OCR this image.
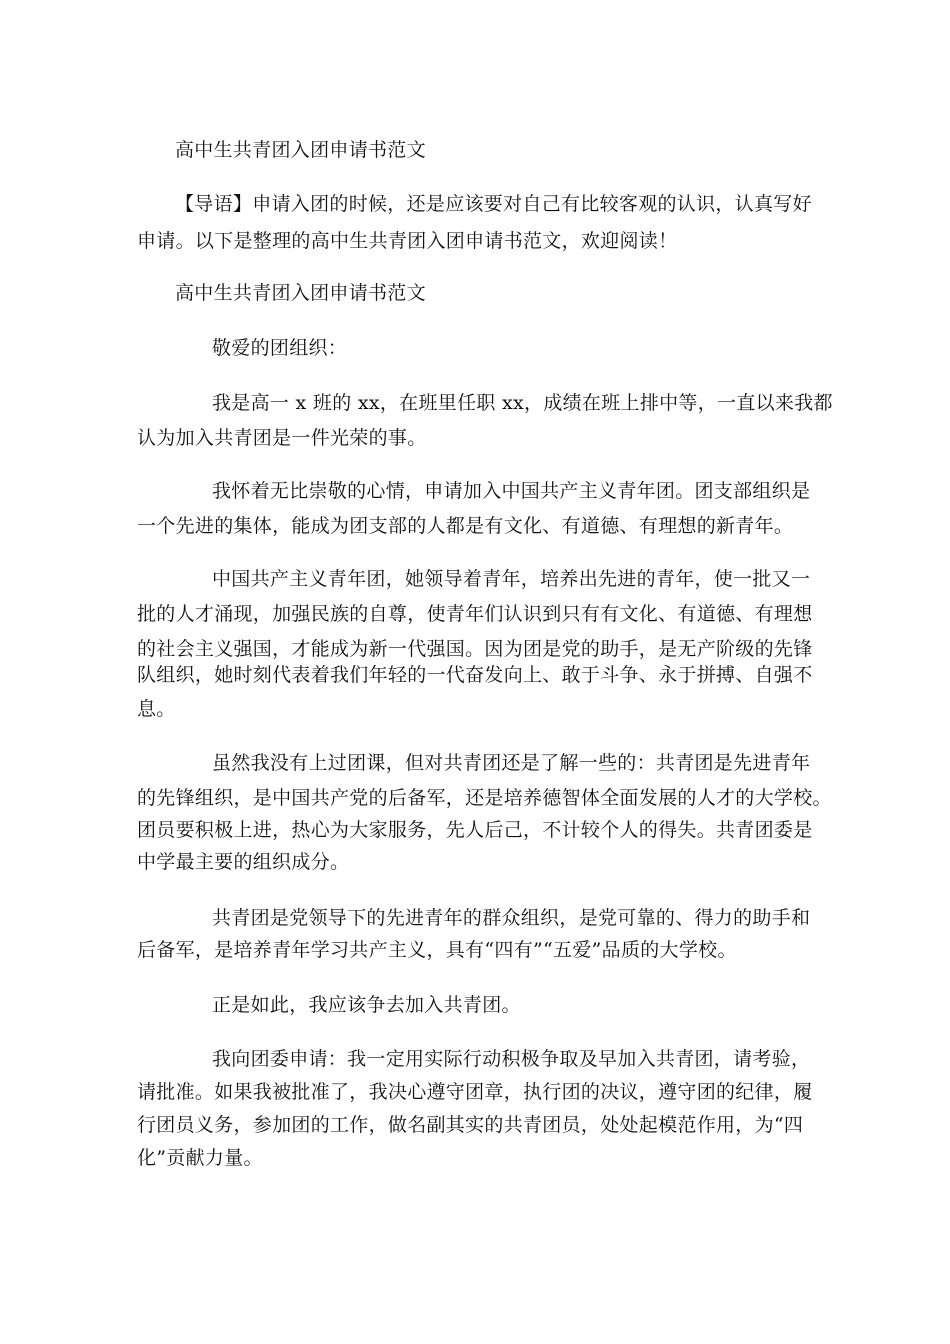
高中生共青团入团申请书范文
【导语】申请入团的时候，还是应该要对自己有比较客观的认识，认真写好
申请。以下是整理的高中生共青团入团申请书范文，欢迎阅读！
高中生共青团入团申请书范文
敬爱的团组织：
我是高一 x 班的 xx，在班里任职 xx，成绩在班上排中等，一直以来我都
认为加入共青团是一件光荣的事。
我怀着无比崇敬的心情，申请加入中国共产主义青年团。团支部组织是
一个先进的集体，能成为团支部的人都是有文化、有道德、有理想的新青年。
中国共产主义青年团，她领导着青年，培养出先进的青年，使一批又一
批的人才涌现，加强民族的自尊，使青年们认识到只有有文化、有道德、有理想
的社会主义强国，才能成为新一代强国。因为团是党的助手，是无产阶级的先锋
队组织，她时刻代表着我们年轻的一代奋发向上、敢于斗争、永于拼搏、自强不
息。
虽然我没有上过团课，但对共青团还是了解一些的：共青团是先进青年
的先锋组织，是中国共产党的后备军，还是培养德智体全面发展的人才的大学校。
团员要积极上进，热心为大家服务，先人后己，不计较个人的得失。共青团委是
中学最主要的组织成分。
共青团是党领导下的先进青年的群众组织，是党可靠的、得力的助手和
后备军，是培养青年学习共产主义，具有“四有”“五爱”品质的大学校。
正是如此，我应该争去加入共青团。
我向团委申请：我一定用实际行动积极争取及早加入共青团，请考验，
请批准。如果我被批准了，我决心遵守团章，执行团的决议，遵守团的纪律，履
行团员义务，参加团的工作，做名副其实的共青团员，处处起模范作用，为“四
化”贡献力量。
